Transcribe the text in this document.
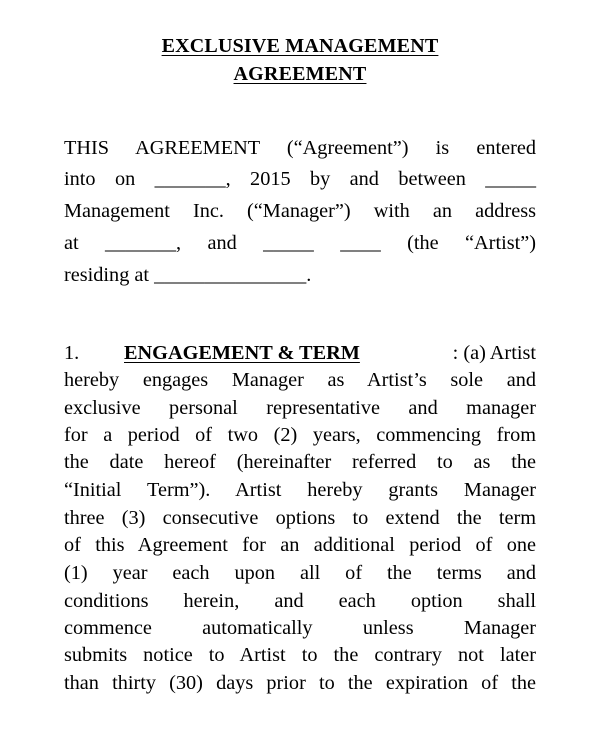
EXCLUSIVE MANAGEMENT
AGREEMENT
THIS AGREEMENT (“Agreement”) is entered
into on _______, 2015 by and between _____
Management Inc. (“Manager”) with an address
at _______, and _____ ____ (the “Artist”)
residing at _______________.
1. ENGAGEMENT & TERM	: (a) Artist
hereby engages Manager as Artist’s sole and
exclusive personal representative and manager
for a period of two (2) years, commencing from
the date hereof (hereinafter referred to as the
“Initial Term”). Artist hereby grants Manager
three (3) consecutive options to extend the term
of this Agreement for an additional period of one
(1) year each upon all of the terms and
conditions herein, and each option shall
commence automatically unless Manager
submits notice to Artist to the contrary not later
than thirty (30) days prior to the expiration of the
